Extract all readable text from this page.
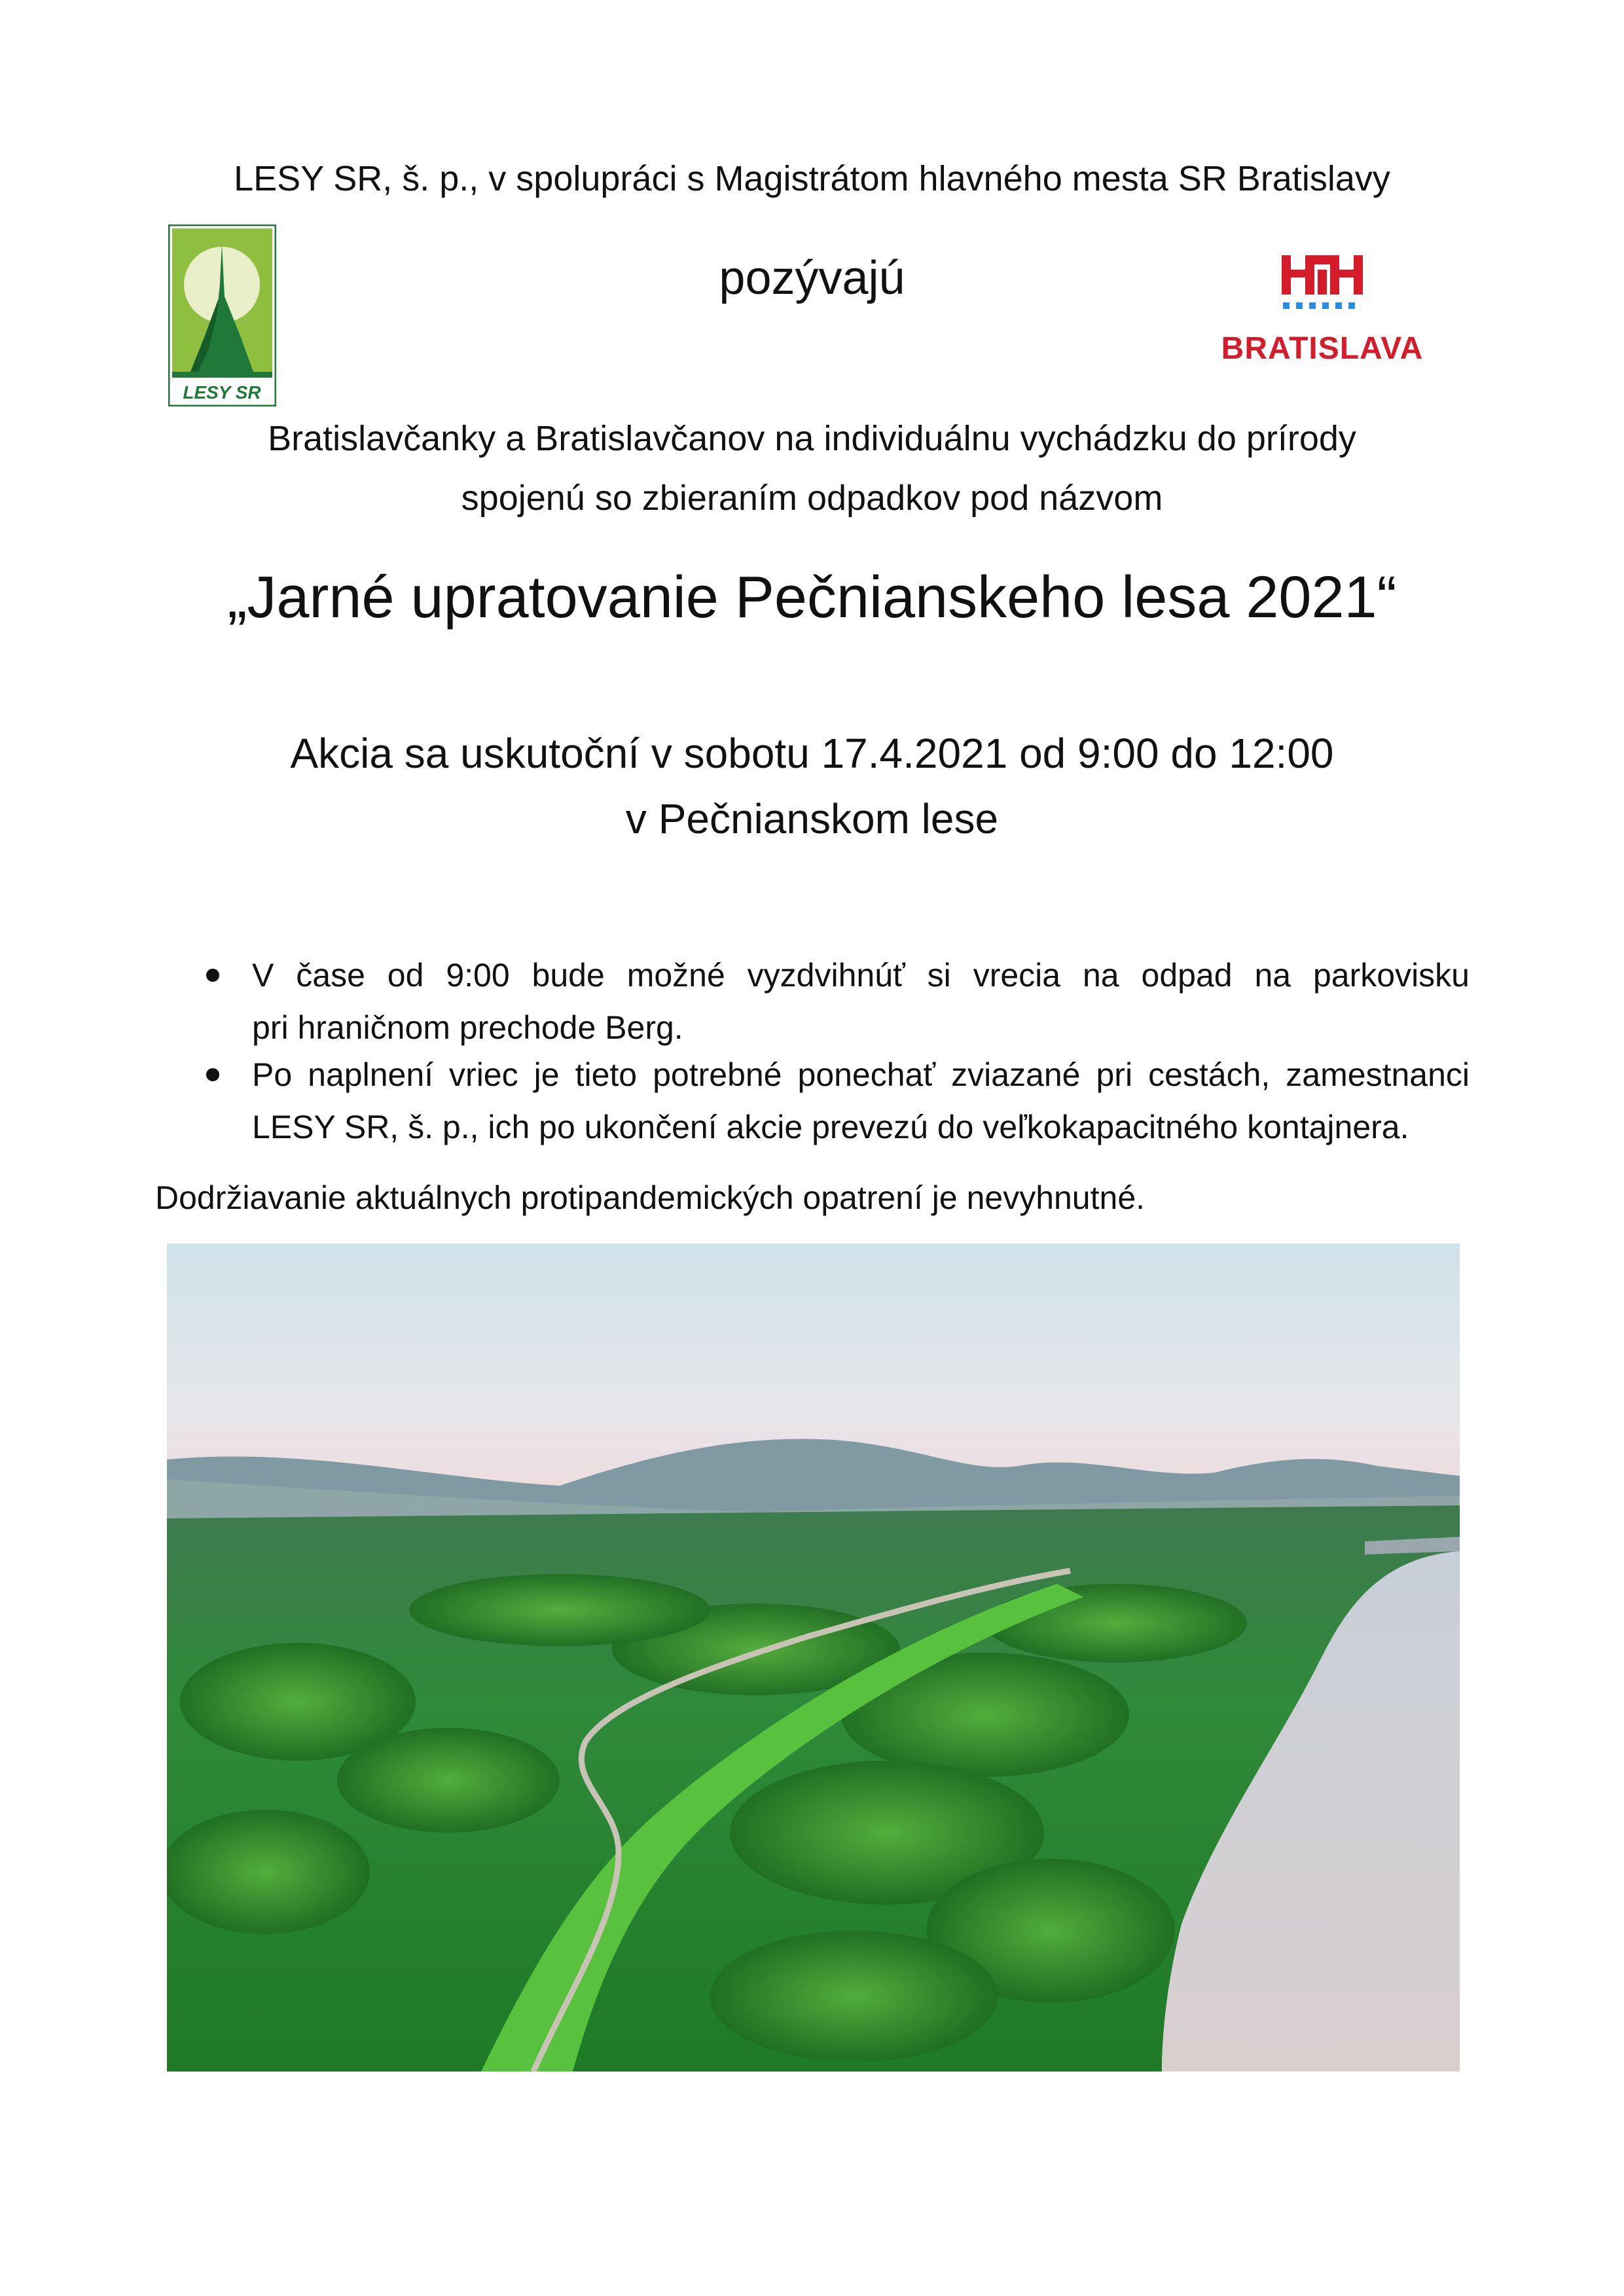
LESY SR, š. p., v spolupráci s Magistrátom hlavného mesta SR Bratislavy
LESY SR
pozývajú
BRATISLAVA
Bratislavčanky a Bratislavčanov na individuálnu vychádzku do prírody
spojenú so zbieraním odpadkov pod názvom
„Jarné upratovanie Pečnianskeho lesa 2021“
Akcia sa uskutoční v sobotu 17.4.2021 od 9:00 do 12:00
v Pečnianskom lese
V čase od 9:00 bude možné vyzdvihnúť si vrecia na odpad na parkovisku
pri hraničnom prechode Berg.
Po naplnení vriec je tieto potrebné ponechať zviazané pri cestách, zamestnanci
LESY SR, š. p., ich po ukončení akcie prevezú do veľkokapacitného kontajnera.
Dodržiavanie aktuálnych protipandemických opatrení je nevyhnutné.
